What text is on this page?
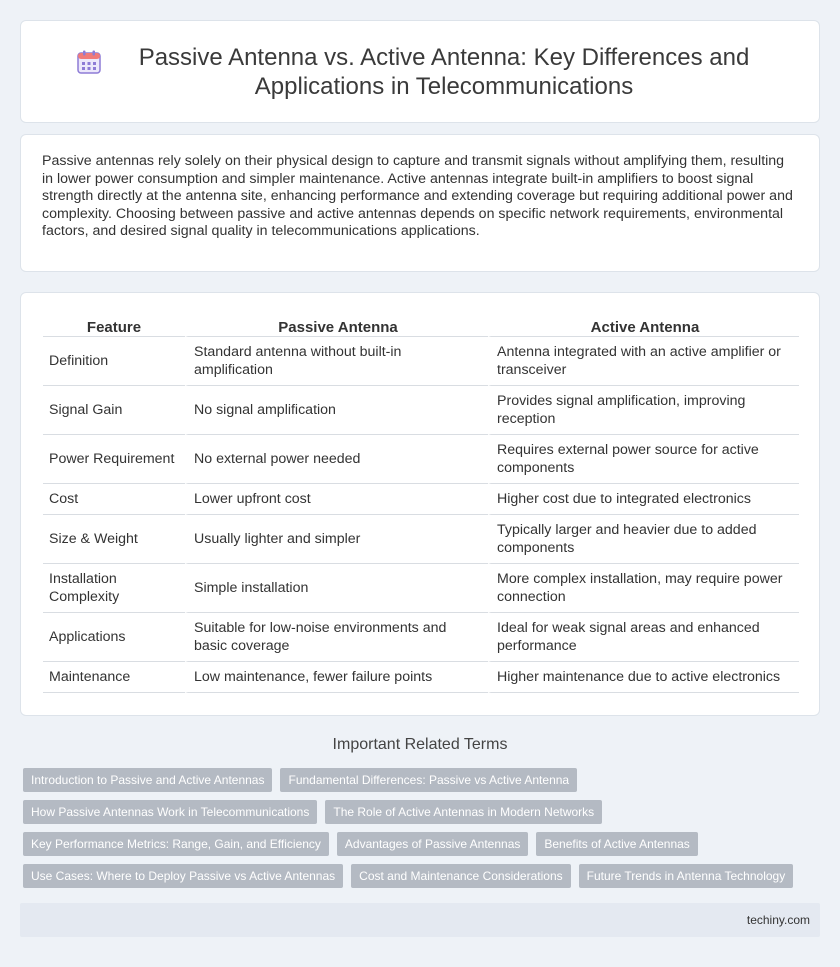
Passive Antenna vs. Active Antenna: Key Differences and Applications in Telecommunications

Passive antennas rely solely on their physical design to capture and transmit signals without amplifying them, resulting in lower power consumption and simpler maintenance. Active antennas integrate built-in amplifiers to boost signal strength directly at the antenna site, enhancing performance and extending coverage but requiring additional power and complexity. Choosing between passive and active antennas depends on specific network requirements, environmental factors, and desired signal quality in telecommunications applications.

Feature	Passive Antenna	Active Antenna
Definition	Standard antenna without built-in amplification	Antenna integrated with an active amplifier or transceiver
Signal Gain	No signal amplification	Provides signal amplification, improving reception
Power Requirement	No external power needed	Requires external power source for active components
Cost	Lower upfront cost	Higher cost due to integrated electronics
Size & Weight	Usually lighter and simpler	Typically larger and heavier due to added components
Installation Complexity	Simple installation	More complex installation, may require power connection
Applications	Suitable for low-noise environments and basic coverage	Ideal for weak signal areas and enhanced performance
Maintenance	Low maintenance, fewer failure points	Higher maintenance due to active electronics
Important Related Terms
Introduction to Passive and Active Antennas	Fundamental Differences: Passive vs Active Antenna
How Passive Antennas Work in Telecommunications	The Role of Active Antennas in Modern Networks
Key Performance Metrics: Range, Gain, and Efficiency	Advantages of Passive Antennas	Benefits of Active Antennas
Use Cases: Where to Deploy Passive vs Active Antennas	Cost and Maintenance Considerations	Future Trends in Antenna Technology
techiny.com
